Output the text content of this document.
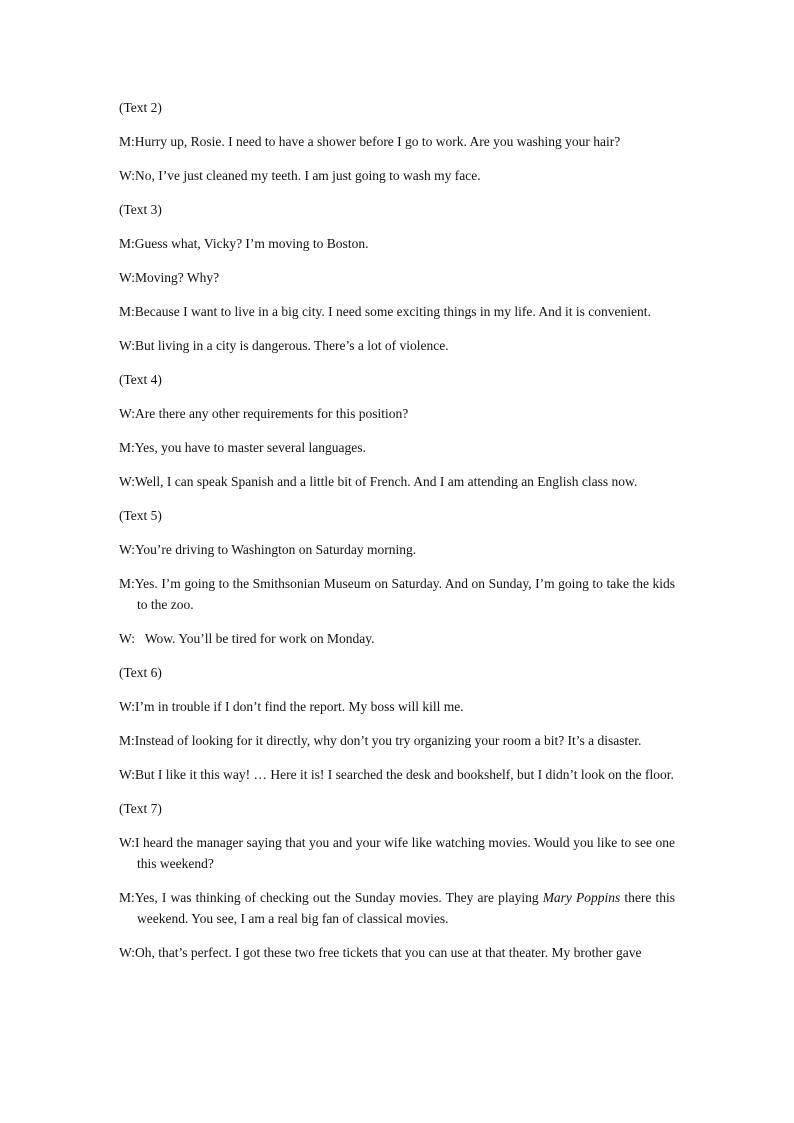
(Text 2)

M:Hurry up, Rosie. I need to have a shower before I go to work. Are you washing your hair?

W:No, I’ve just cleaned my teeth. I am just going to wash my face.

(Text 3)

M:Guess what, Vicky? I’m moving to Boston.

W:Moving? Why?

M:Because I want to live in a big city. I need some exciting things in my life. And it is convenient.

W:But living in a city is dangerous. There’s a lot of violence.

(Text 4)

W:Are there any other requirements for this position?

M:Yes, you have to master several languages.

W:Well, I can speak Spanish and a little bit of French. And I am attending an English class now.

(Text 5)

W:You’re driving to Washington on Saturday morning.

M:Yes. I’m going to the Smithsonian Museum on Saturday. And on Sunday, I’m going to take the kids to the zoo.

W:   Wow. You’ll be tired for work on Monday.

(Text 6)

W:I’m in trouble if I don’t find the report. My boss will kill me.

M:Instead of looking for it directly, why don’t you try organizing your room a bit? It’s a disaster.

W:But I like it this way! … Here it is! I searched the desk and bookshelf, but I didn’t look on the floor.

(Text 7)

W:I heard the manager saying that you and your wife like watching movies. Would you like to see one this weekend?

M:Yes, I was thinking of checking out the Sunday movies. They are playing Mary Poppins there this weekend. You see, I am a real big fan of classical movies.

W:Oh, that’s perfect. I got these two free tickets that you can use at that theater. My brother gave
